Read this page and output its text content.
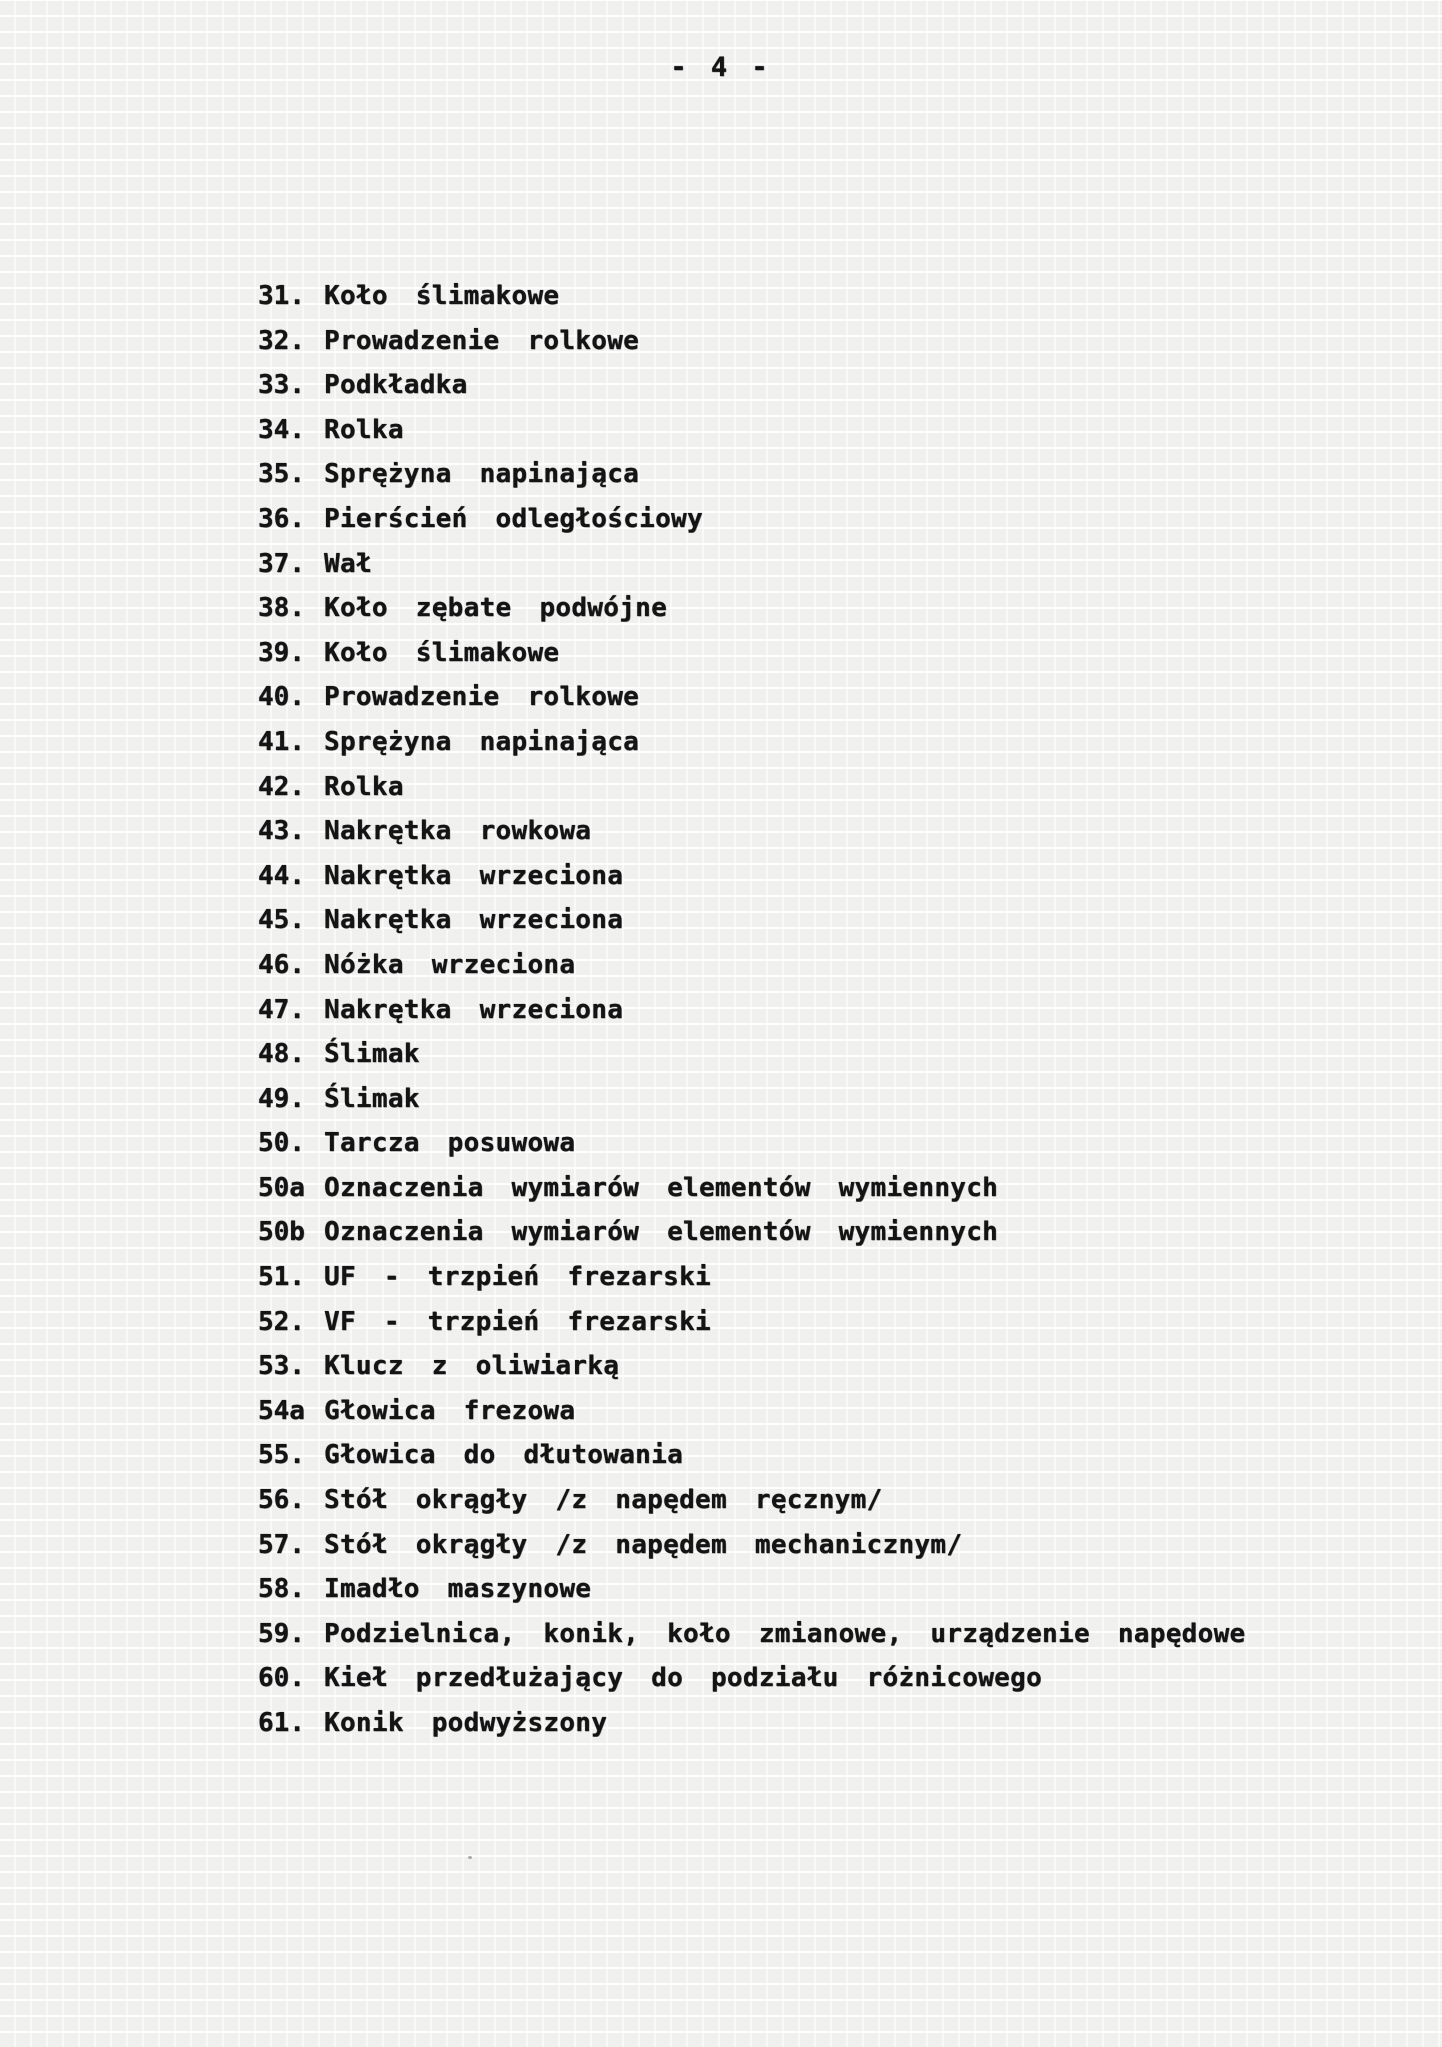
- 4 -
31. Koło ślimakowe
32. Prowadzenie rolkowe
33. Podkładka
34. Rolka
35. Sprężyna napinająca
36. Pierścień odległościowy
37. Wał
38. Koło zębate podwójne
39. Koło ślimakowe
40. Prowadzenie rolkowe
41. Sprężyna napinająca
42. Rolka
43. Nakrętka rowkowa
44. Nakrętka wrzeciona
45. Nakrętka wrzeciona
46. Nóżka wrzeciona
47. Nakrętka wrzeciona
48. Ślimak
49. Ślimak
50. Tarcza posuwowa
50a Oznaczenia wymiarów elementów wymiennych
50b Oznaczenia wymiarów elementów wymiennych
51. UF - trzpień frezarski
52. VF - trzpień frezarski
53. Klucz z oliwiarką
54a Głowica frezowa
55. Głowica do dłutowania
56. Stół okrągły /z napędem ręcznym/
57. Stół okrągły /z napędem mechanicznym/
58. Imadło maszynowe
59. Podzielnica, konik, koło zmianowe, urządzenie napędowe
60. Kieł przedłużający do podziału różnicowego
61. Konik podwyższony
